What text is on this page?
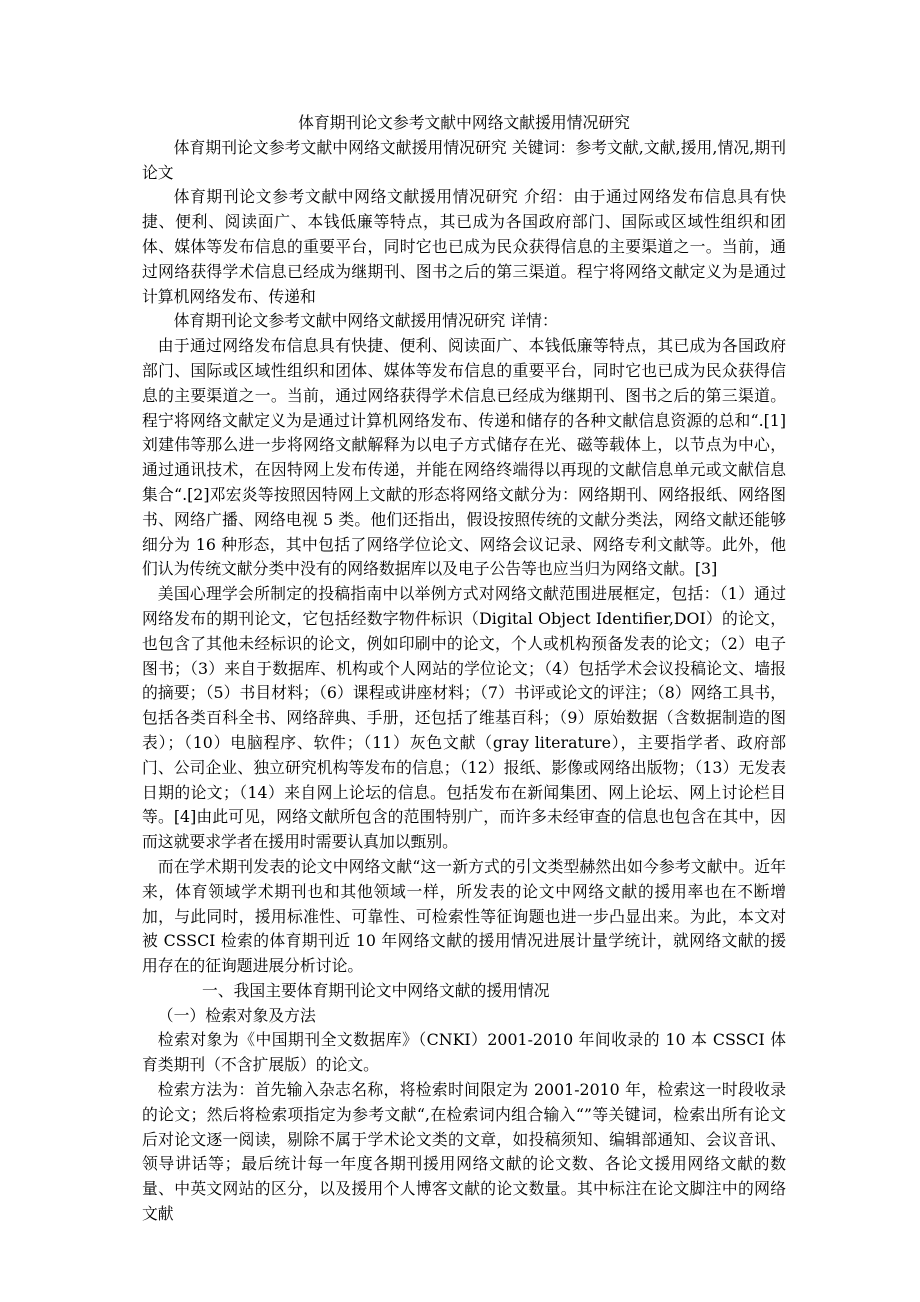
体育期刊论文参考文献中网络文献援用情况研究

体育期刊论文参考文献中网络文献援用情况研究 关键词：参考文献,文献,援用,情况,期刊论文

体育期刊论文参考文献中网络文献援用情况研究 介绍：由于通过网络发布信息具有快捷、便利、阅读面广、本钱低廉等特点，其已成为各国政府部门、国际或区域性组织和团体、媒体等发布信息的重要平台，同时它也已成为民众获得信息的主要渠道之一。当前，通过网络获得学术信息已经成为继期刊、图书之后的第三渠道。程宁将网络文献定义为是通过计算机网络发布、传递和

体育期刊论文参考文献中网络文献援用情况研究 详情：

由于通过网络发布信息具有快捷、便利、阅读面广、本钱低廉等特点，其已成为各国政府部门、国际或区域性组织和团体、媒体等发布信息的重要平台，同时它也已成为民众获得信息的主要渠道之一。当前，通过网络获得学术信息已经成为继期刊、图书之后的第三渠道。程宁将网络文献定义为是通过计算机网络发布、传递和储存的各种文献信息资源的总和“.[1]刘建伟等那么进一步将网络文献解释为以电子方式储存在光、磁等载体上，以节点为中心，通过通讯技术，在因特网上发布传递，并能在网络终端得以再现的文献信息单元或文献信息集合“.[2]邓宏炎等按照因特网上文献的形态将网络文献分为：网络期刊、网络报纸、网络图书、网络广播、网络电视 5 类。他们还指出，假设按照传统的文献分类法，网络文献还能够细分为 16 种形态，其中包括了网络学位论文、网络会议记录、网络专利文献等。此外，他们认为传统文献分类中没有的网络数据库以及电子公告等也应当归为网络文献。[3]

美国心理学会所制定的投稿指南中以举例方式对网络文献范围进展框定，包括：（1）通过网络发布的期刊论文，它包括经数字物件标识（Digital Object Identifier,DOI）的论文，也包含了其他未经标识的论文，例如印刷中的论文，个人或机构预备发表的论文；（2）电子图书；（3）来自于数据库、机构或个人网站的学位论文；（4）包括学术会议投稿论文、墙报的摘要；（5）书目材料；（6）课程或讲座材料；（7）书评或论文的评注；（8）网络工具书，包括各类百科全书、网络辞典、手册，还包括了维基百科；（9）原始数据（含数据制造的图表）；（10）电脑程序、软件；（11）灰色文献（gray literature），主要指学者、政府部门、公司企业、独立研究机构等发布的信息；（12）报纸、影像或网络出版物；（13）无发表日期的论文；（14）来自网上论坛的信息。包括发布在新闻集团、网上论坛、网上讨论栏目等。[4]由此可见，网络文献所包含的范围特别广，而许多未经审查的信息也包含在其中，因而这就要求学者在援用时需要认真加以甄别。

而在学术期刊发表的论文中网络文献“这一新方式的引文类型赫然出如今参考文献中。近年来，体育领域学术期刊也和其他领域一样，所发表的论文中网络文献的援用率也在不断增加，与此同时，援用标准性、可靠性、可检索性等征询题也进一步凸显出来。为此，本文对被 CSSCI 检索的体育期刊近 10 年网络文献的援用情况进展计量学统计，就网络文献的援用存在的征询题进展分析讨论。

一、我国主要体育期刊论文中网络文献的援用情况

（一）检索对象及方法

检索对象为《中国期刊全文数据库》（CNKI）2001-2010 年间收录的 10 本 CSSCI 体育类期刊（不含扩展版）的论文。

检索方法为：首先输入杂志名称，将检索时间限定为 2001-2010 年，检索这一时段收录的论文；然后将检索项指定为参考文献“,在检索词内组合输入“”等关键词，检索出所有论文后对论文逐一阅读，剔除不属于学术论文类的文章，如投稿须知、编辑部通知、会议音讯、领导讲话等；最后统计每一年度各期刊援用网络文献的论文数、各论文援用网络文献的数量、中英文网站的区分，以及援用个人博客文献的论文数量。其中标注在论文脚注中的网络文献
